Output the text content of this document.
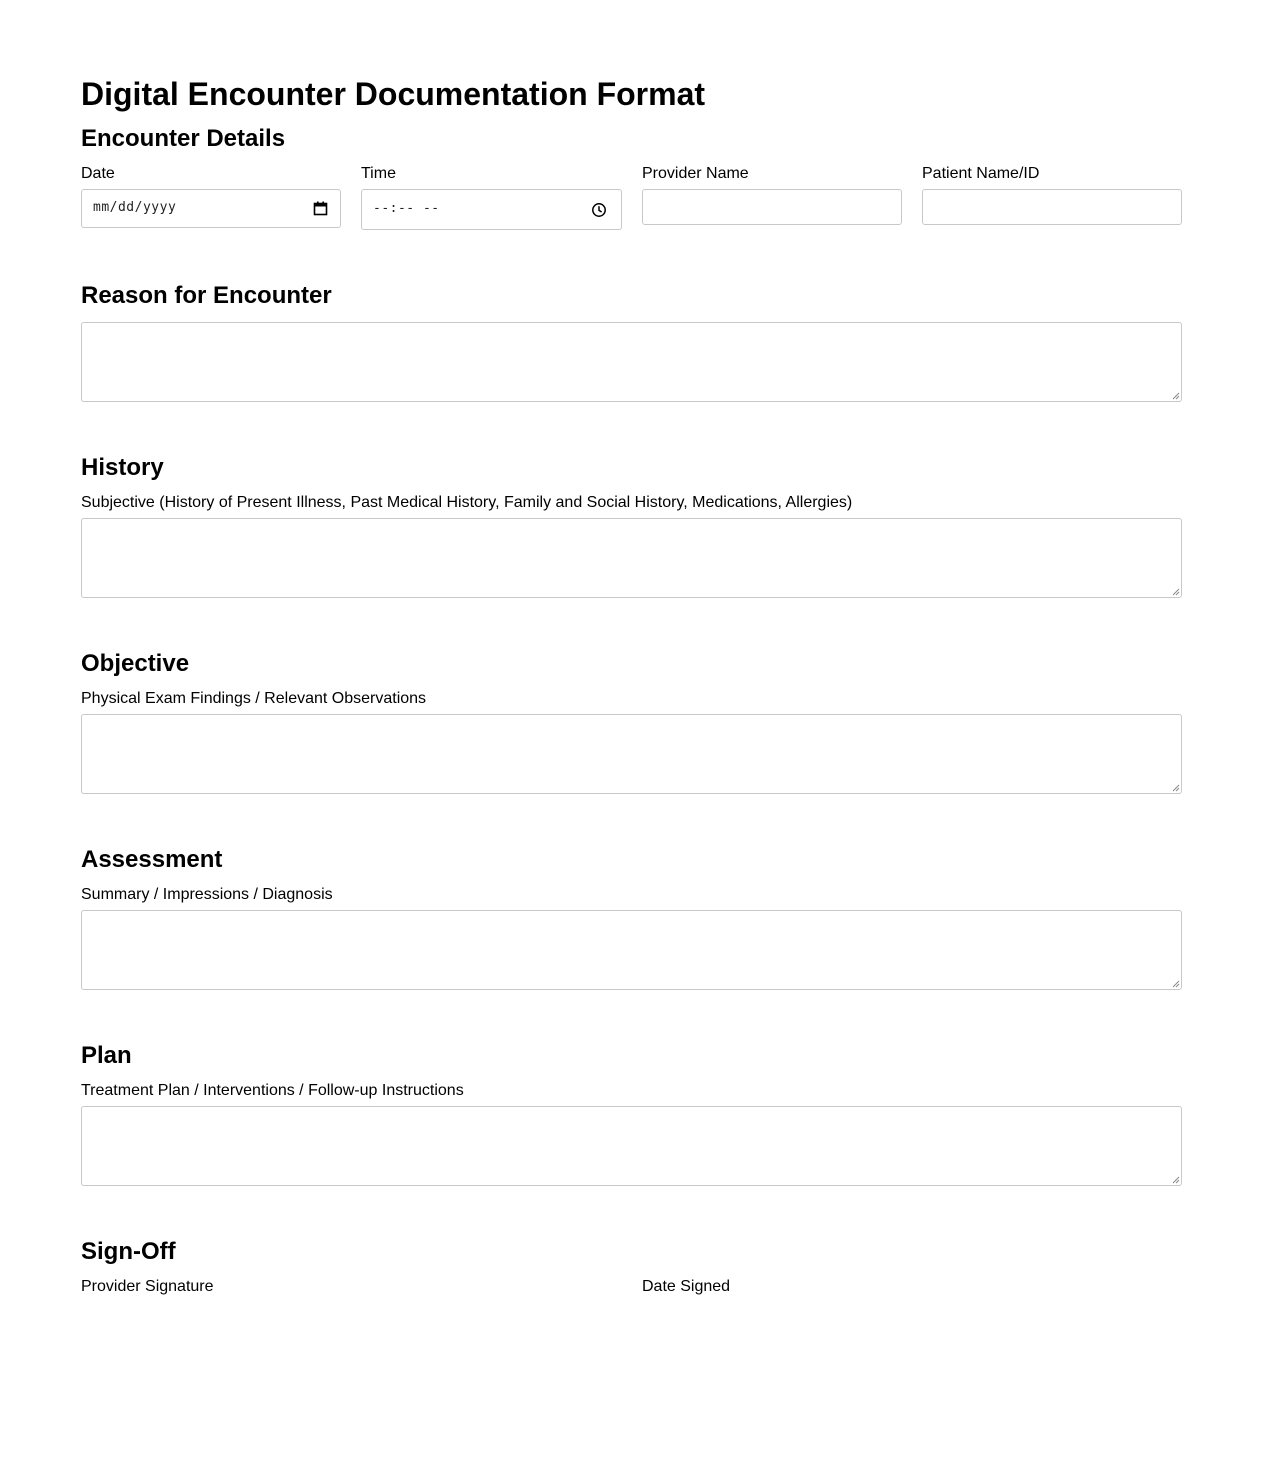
Digital Encounter Documentation Format
Encounter Details
Date
mm/dd/yyyy
Time
--:-- --
Provider Name	Patient Name/ID
Reason for Encounter
History
Subjective (History of Present Illness, Past Medical History, Family and Social History, Medications, Allergies)
Objective
Physical Exam Findings / Relevant Observations
Assessment
Summary / Impressions / Diagnosis
Plan
Treatment Plan / Interventions / Follow-up Instructions
Sign-Off
Provider Signature	Date Signed
